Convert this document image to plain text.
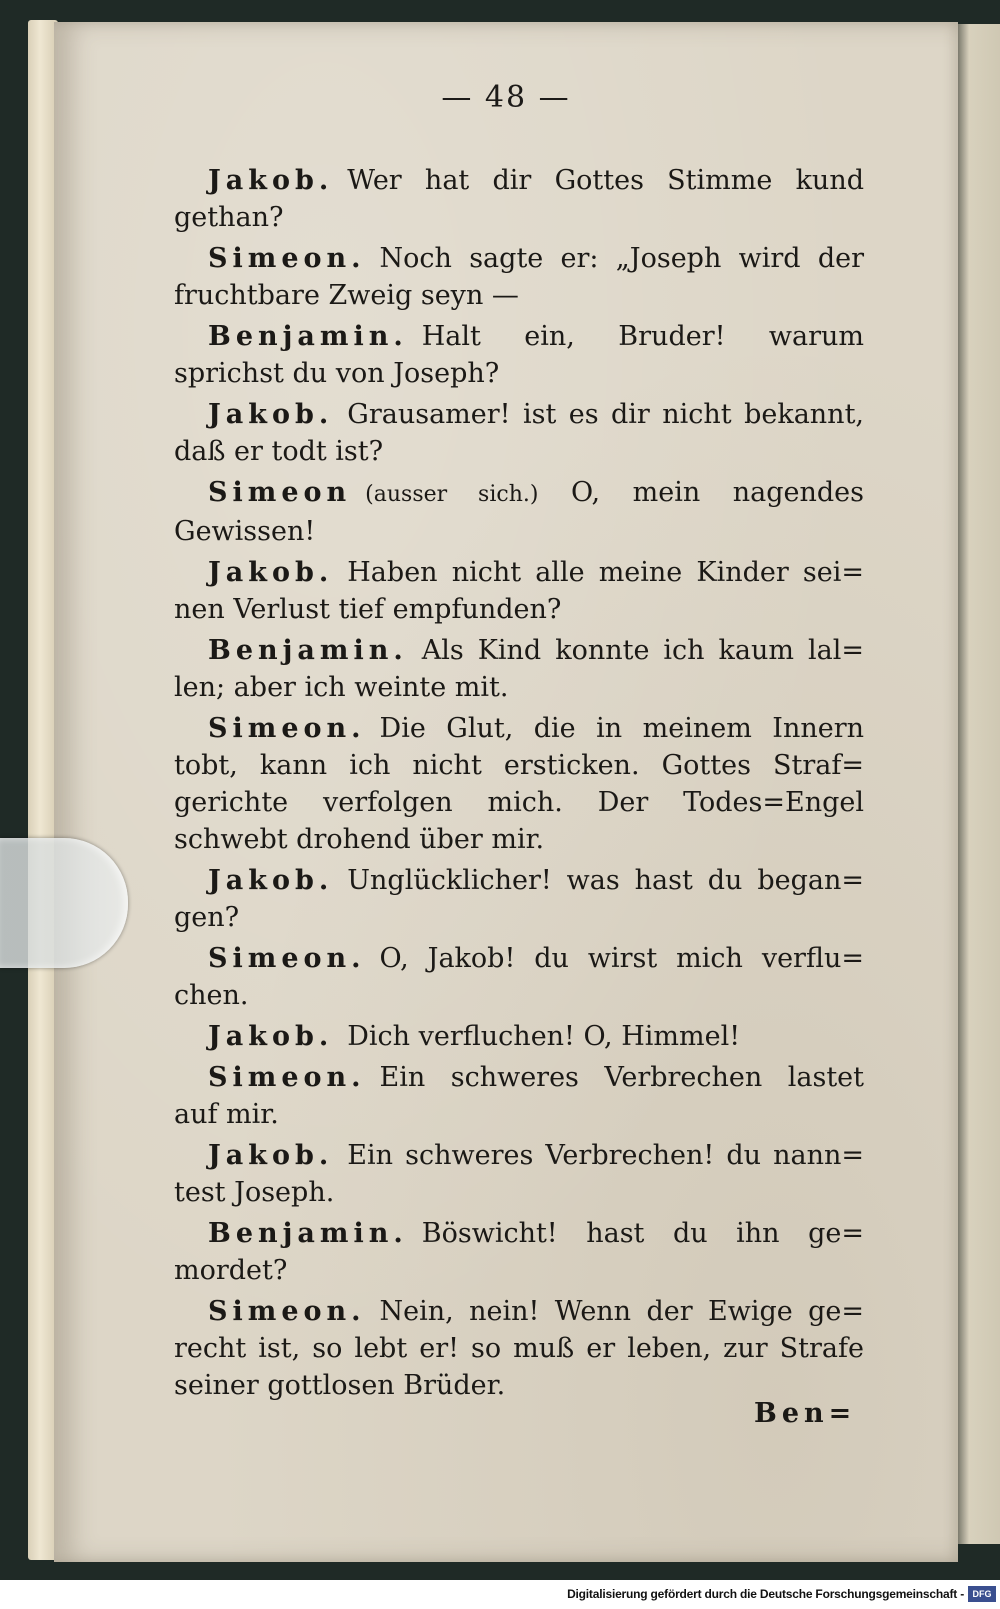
— 48 —

Jakob. Wer hat dir Gottes Stimme kund gethan?

Simeon. Noch sagte er: „Joseph wird der fruchtbare Zweig seyn —

Benjamin. Halt ein, Bruder! warum sprichst du von Joseph?

Jakob. Grausamer! ist es dir nicht bekannt, daß er todt ist?

Simeon (ausser sich.) O, mein nagendes Gewissen!

Jakob. Haben nicht alle meine Kinder sei= nen Verlust tief empfunden?

Benjamin. Als Kind konnte ich kaum lal= len; aber ich weinte mit.

Simeon. Die Glut, die in meinem Innern tobt, kann ich nicht ersticken. Gottes Straf= gerichte verfolgen mich. Der Todes=Engel schwebt drohend über mir.

Jakob. Unglücklicher! was hast du began= gen?

Simeon. O, Jakob! du wirst mich verflu= chen.

Jakob. Dich verfluchen! O, Himmel!

Simeon. Ein schweres Verbrechen lastet auf mir.

Jakob. Ein schweres Verbrechen! du nann= test Joseph.

Benjamin. Böswicht! hast du ihn ge= mordet?

Simeon. Nein, nein! Wenn der Ewige ge= recht ist, so lebt er! so muß er leben, zur Strafe seiner gottlosen Brüder.

Ben=
Digitalisierung gefördert durch die Deutsche Forschungsgemeinschaft - DFG
